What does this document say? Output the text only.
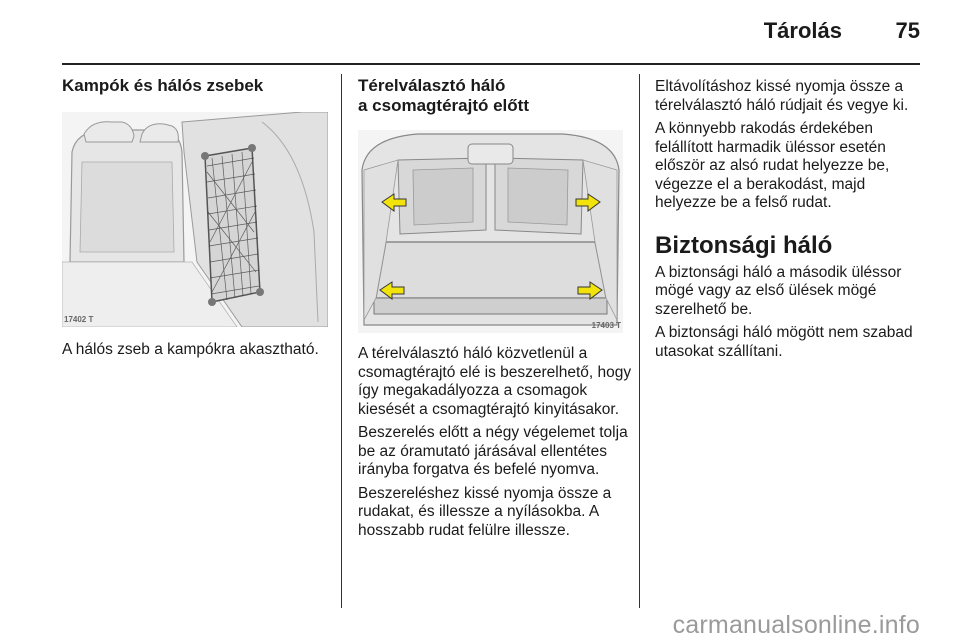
Tárolás 75
Kampók és hálós zsebek
17402 T

A hálós zseb a kampókra akasztható.

Térelválasztó háló
a csomagtérajtó előtt
17403 T

A térelválasztó háló közvetlenül a csomagtérajtó elé is beszerelhető, hogy így megakadályozza a csomagok kiesését a csomagtérajtó kinyitásakor.

Beszerelés előtt a négy végelemet tolja be az óramutató járásával ellentétes irányba forgatva és befelé nyomva.

Beszereléshez kissé nyomja össze a rudakat, és illessze a nyílásokba. A hosszabb rudat felülre illessze.

Eltávolításhoz kissé nyomja össze a térelválasztó háló rúdjait és vegye ki.

A könnyebb rakodás érdekében felállított harmadik üléssor esetén először az alsó rudat helyezze be, végezze el a berakodást, majd helyezze be a felső rudat.

Biztonsági háló

A biztonsági háló a második üléssor mögé vagy az első ülések mögé szerelhető be.

A biztonsági háló mögött nem szabad utasokat szállítani.

carmanualsonline.info
